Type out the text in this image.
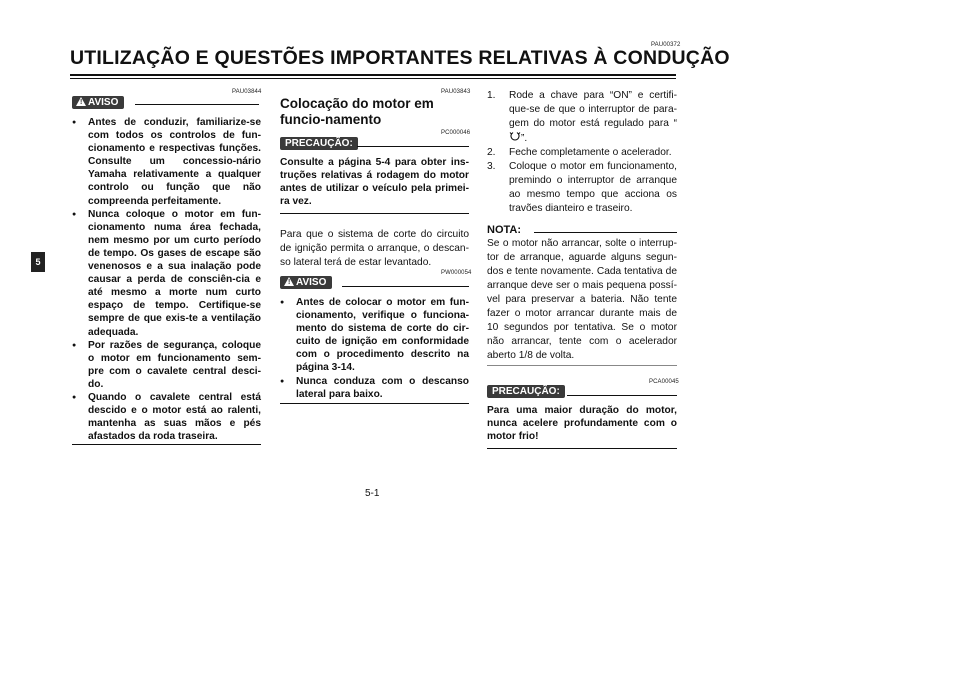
UTILIZAÇÃO E QUESTÕES IMPORTANTES RELATIVAS À CONDUÇÃO
PAU00372
5
PAU03844
! AVISO
● Antes de conduzir, familiarize-se com todos os controlos de fun-cionamento e respectivas funções. Consulte um concessio-nário Yamaha relativamente a qualquer controlo ou função que não compreenda perfeitamente.
● Nunca coloque o motor em fun-cionamento numa área fechada, nem mesmo por um curto período de tempo. Os gases de escape são venenosos e a sua inalação pode causar a perda de consciên-cia e até mesmo a morte num curto espaço de tempo. Certifique-se sempre de que exis-te a ventilação adequada.
● Por razões de segurança, coloque o motor em funcionamento sem-pre com o cavalete central desci-do.
● Quando o cavalete central está descido e o motor está ao ralenti, mantenha as suas mãos e pés afastados da roda traseira.
PAU03843
Colocação do motor em funcio-namento
PC000046
PRECAUÇÃO:
Consulte a página 5-4 para obter ins-truções relativas á rodagem do motor antes de utilizar o veículo pela primei-ra vez.
Para que o sistema de corte do circuito de ignição permita o arranque, o descan-so lateral terá de estar levantado.
PW000054
! AVISO
● Antes de colocar o motor em fun-cionamento, verifique o funciona-mento do sistema de corte do cir-cuito de ignição em conformidade com o procedimento descrito na página 3-14.
● Nunca conduza com o descanso lateral para baixo.
1. Rode a chave para “ON” e certifi-que-se de que o interruptor de para-gem do motor está regulado para “”.
2. Feche completamente o acelerador.
3. Coloque o motor em funcionamento, premindo o interruptor de arranque ao mesmo tempo que acciona os travões dianteiro e traseiro.
NOTA:
Se o motor não arrancar, solte o interrup-tor de arranque, aguarde alguns segun-dos e tente novamente. Cada tentativa de arranque deve ser o mais pequena possí-vel para preservar a bateria. Não tente fazer o motor arrancar durante mais de 10 segundos por tentativa. Se o motor não arrancar, tente com o acelerador aberto 1/8 de volta.
PCA00045
PRECAUÇÃO:
Para uma maior duração do motor, nunca acelere profundamente com o motor frio!
5-1
